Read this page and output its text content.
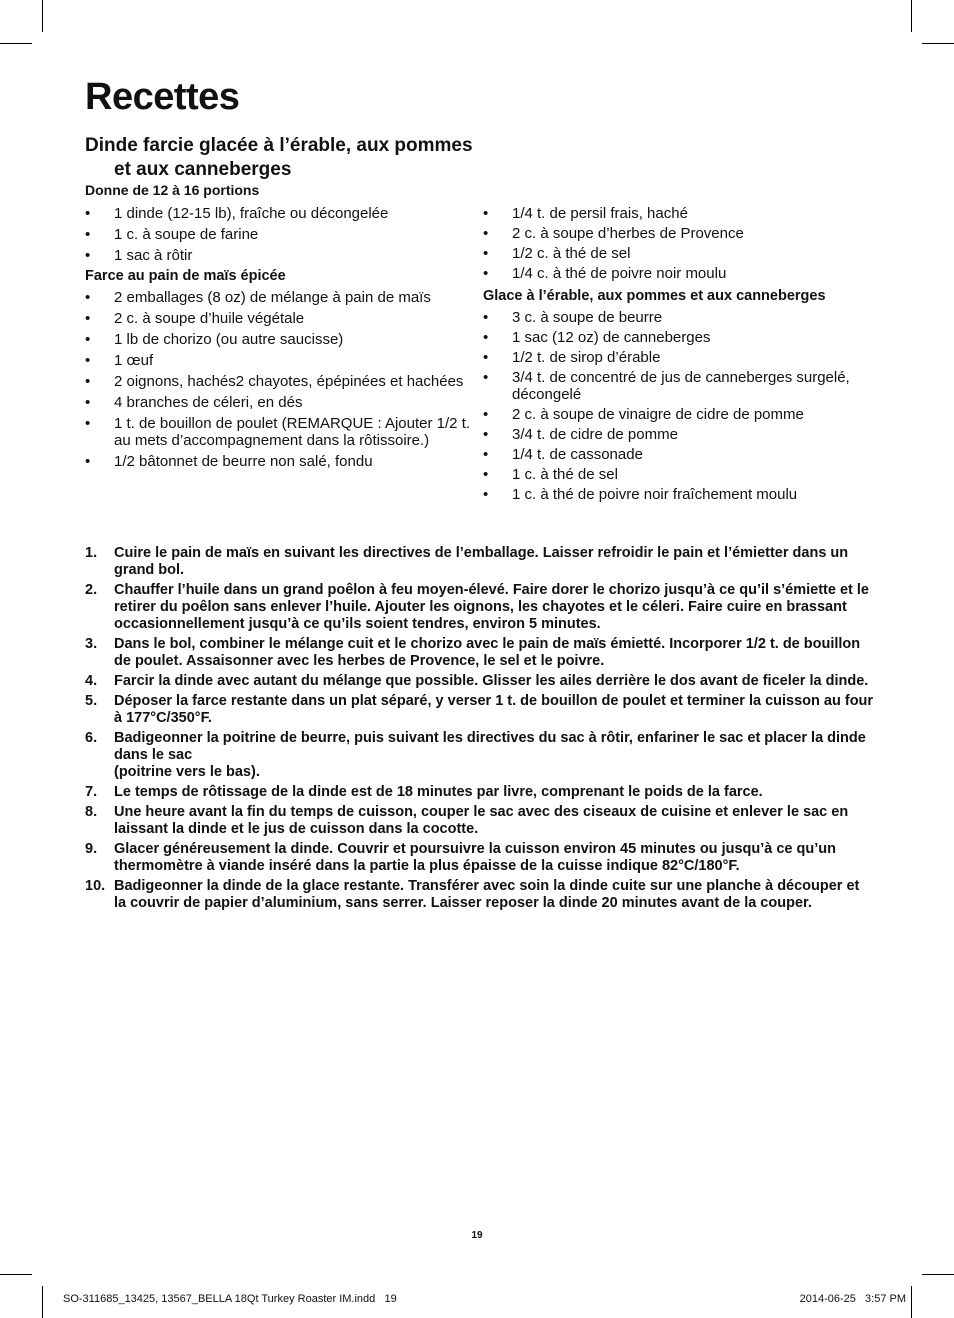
Recettes
Dinde farcie glacée à l’érable, aux pommes
et aux canneberges
Donne de 12 à 16 portions
• 1 dinde (12-15 lb), fraîche ou décongelée
• 1 c. à soupe de farine
• 1 sac à rôtir
Farce au pain de maïs épicée
• 2 emballages (8 oz) de mélange à pain de maïs
• 2 c. à soupe d’huile végétale
• 1 lb de chorizo (ou autre saucisse)
• 1 œuf
• 2 oignons, hachés2 chayotes, épépinées et hachées
• 4 branches de céleri, en dés
• 1 t. de bouillon de poulet (REMARQUE : Ajouter 1/2 t. au mets d’accompagnement dans la rôtissoire.)
• 1/2 bâtonnet de beurre non salé, fondu
• 1/4 t. de persil frais, haché
• 2 c. à soupe d’herbes de Provence
• 1/2 c. à thé de sel
• 1/4 c. à thé de poivre noir moulu
Glace à l’érable, aux pommes et aux canneberges
• 3 c. à soupe de beurre
• 1 sac (12 oz) de canneberges
• 1/2 t. de sirop d’érable
• 3/4 t. de concentré de jus de canneberges surgelé, décongelé
• 2 c. à soupe de vinaigre de cidre de pomme
• 3/4 t. de cidre de pomme
• 1/4 t. de cassonade
• 1 c. à thé de sel
• 1 c. à thé de poivre noir fraîchement moulu
1. Cuire le pain de maïs en suivant les directives de l’emballage. Laisser refroidir le pain et l’émietter dans un grand bol.
2. Chauffer l’huile dans un grand poêlon à feu moyen-élevé. Faire dorer le chorizo jusqu’à ce qu’il s’émiette et le retirer du poêlon sans enlever l’huile. Ajouter les oignons, les chayotes et le céleri. Faire cuire en brassant occasionnellement jusqu’à ce qu’ils soient tendres, environ 5 minutes.
3. Dans le bol, combiner le mélange cuit et le chorizo avec le pain de maïs émietté. Incorporer 1/2 t. de bouillon de poulet. Assaisonner avec les herbes de Provence, le sel et le poivre.
4. Farcir la dinde avec autant du mélange que possible. Glisser les ailes derrière le dos avant de ficeler la dinde.
5. Déposer la farce restante dans un plat séparé, y verser 1 t. de bouillon de poulet et terminer la cuisson au four à 177°C/350°F.
6. Badigeonner la poitrine de beurre, puis suivant les directives du sac à rôtir, enfariner le sac et placer la dinde dans le sac
(poitrine vers le bas).
7. Le temps de rôtissage de la dinde est de 18 minutes par livre, comprenant le poids de la farce.
8. Une heure avant la fin du temps de cuisson, couper le sac avec des ciseaux de cuisine et enlever le sac en laissant la dinde et le jus de cuisson dans la cocotte.
9. Glacer généreusement la dinde. Couvrir et poursuivre la cuisson environ 45 minutes ou jusqu’à ce qu’un thermomètre à viande inséré dans la partie la plus épaisse de la cuisse indique 82°C/180°F.
10. Badigeonner la dinde de la glace restante. Transférer avec soin la dinde cuite sur une planche à découper et la couvrir de papier d’aluminium, sans serrer. Laisser reposer la dinde 20 minutes avant de la couper.
19
SO-311685_13425, 13567_BELLA 18Qt Turkey Roaster IM.indd   19	2014-06-25   3:57 PM
